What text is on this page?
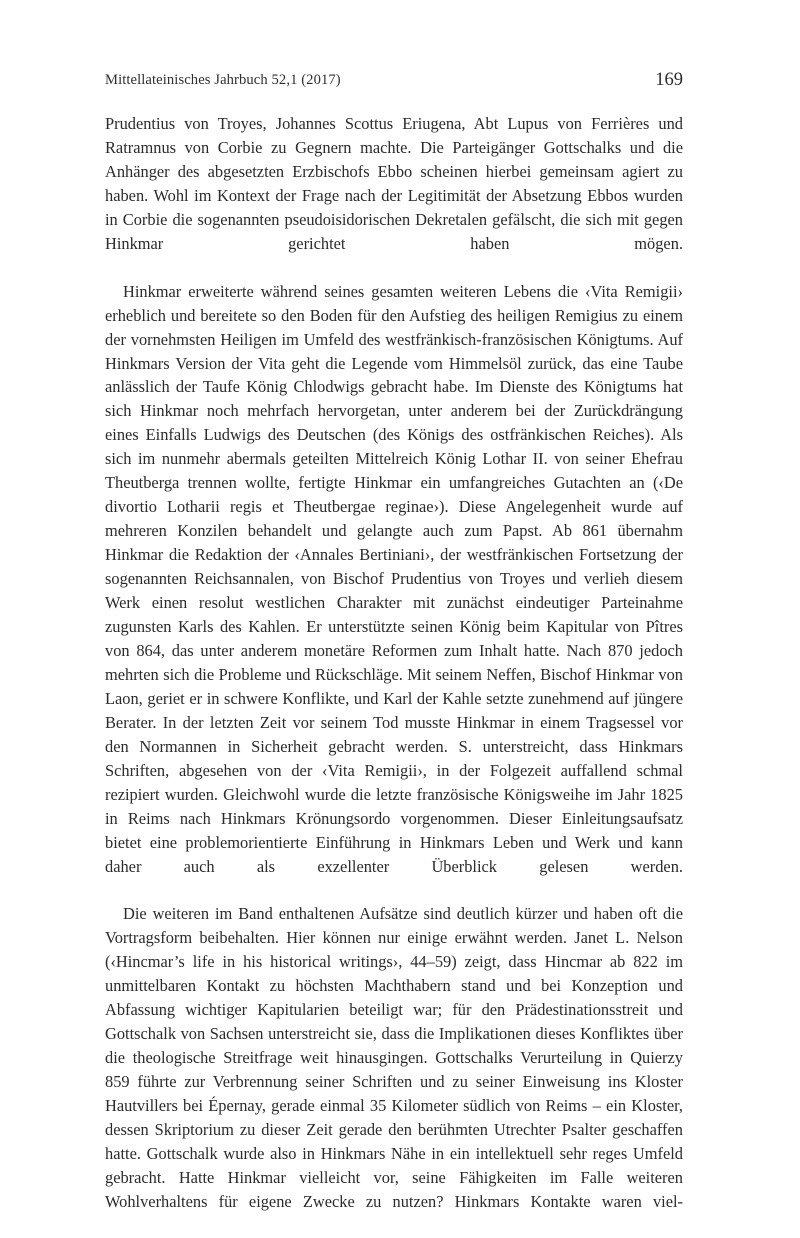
Mittellateinisches Jahrbuch 52,1 (2017)	169

Prudentius von Troyes, Johannes Scottus Eriugena, Abt Lupus von Ferrières und Ratramnus von Corbie zu Gegnern machte. Die Parteigänger Gottschalks und die Anhänger des abgesetzten Erzbischofs Ebbo scheinen hierbei gemeinsam agiert zu haben. Wohl im Kontext der Frage nach der Legitimität der Absetzung Ebbos wurden in Corbie die sogenannten pseudoisidorischen Dekretalen gefälscht, die sich mit gegen Hinkmar gerichtet haben mögen.

Hinkmar erweiterte während seines gesamten weiteren Lebens die ‹Vita Remigii› erheblich und bereitete so den Boden für den Aufstieg des heiligen Remigius zu einem der vornehmsten Heiligen im Umfeld des westfränkisch-französischen Königtums. Auf Hinkmars Version der Vita geht die Legende vom Himmelsöl zurück, das eine Taube anlässlich der Taufe König Chlodwigs gebracht habe. Im Dienste des Königtums hat sich Hinkmar noch mehrfach hervorgetan, unter anderem bei der Zurückdrängung eines Einfalls Ludwigs des Deutschen (des Königs des ostfränkischen Reiches). Als sich im nunmehr abermals geteilten Mittelreich König Lothar II. von seiner Ehefrau Theutberga trennen wollte, fertigte Hinkmar ein umfangreiches Gutachten an (‹De divortio Lotharii regis et Theutbergae reginae›). Diese Angelegenheit wurde auf mehreren Konzilen behandelt und gelangte auch zum Papst. Ab 861 übernahm Hinkmar die Redaktion der ‹Annales Bertiniani›, der westfränkischen Fortsetzung der sogenannten Reichsannalen, von Bischof Prudentius von Troyes und verlieh diesem Werk einen resolut westlichen Charakter mit zunächst eindeutiger Parteinahme zugunsten Karls des Kahlen. Er unterstützte seinen König beim Kapitular von Pîtres von 864, das unter anderem monetäre Reformen zum Inhalt hatte. Nach 870 jedoch mehrten sich die Probleme und Rückschläge. Mit seinem Neffen, Bischof Hinkmar von Laon, geriet er in schwere Konflikte, und Karl der Kahle setzte zunehmend auf jüngere Berater. In der letzten Zeit vor seinem Tod musste Hinkmar in einem Tragsessel vor den Normannen in Sicherheit gebracht werden. S. unterstreicht, dass Hinkmars Schriften, abgesehen von der ‹Vita Remigii›, in der Folgezeit auffallend schmal rezipiert wurden. Gleichwohl wurde die letzte französische Königsweihe im Jahr 1825 in Reims nach Hinkmars Krönungsordo vorgenommen. Dieser Einleitungsaufsatz bietet eine problemorientierte Einführung in Hinkmars Leben und Werk und kann daher auch als exzellenter Überblick gelesen werden.

Die weiteren im Band enthaltenen Aufsätze sind deutlich kürzer und haben oft die Vortragsform beibehalten. Hier können nur einige erwähnt werden. Janet L. Nelson (‹Hincmar’s life in his historical writings›, 44–59) zeigt, dass Hincmar ab 822 im unmittelbaren Kontakt zu höchsten Machthabern stand und bei Konzeption und Abfassung wichtiger Kapitularien beteiligt war; für den Prädestinationsstreit und Gottschalk von Sachsen unterstreicht sie, dass die Implikationen dieses Konfliktes über die theologische Streitfrage weit hinausgingen. Gottschalks Verurteilung in Quierzy 859 führte zur Verbrennung seiner Schriften und zu seiner Einweisung ins Kloster Hautvillers bei Épernay, gerade einmal 35 Kilometer südlich von Reims – ein Kloster, dessen Skriptorium zu dieser Zeit gerade den berühmten Utrechter Psalter geschaffen hatte. Gottschalk wurde also in Hinkmars Nähe in ein intellektuell sehr reges Umfeld gebracht. Hatte Hinkmar vielleicht vor, seine Fähigkeiten im Falle weiteren Wohlverhaltens für eigene Zwecke zu nutzen? Hinkmars Kontakte waren viel-
